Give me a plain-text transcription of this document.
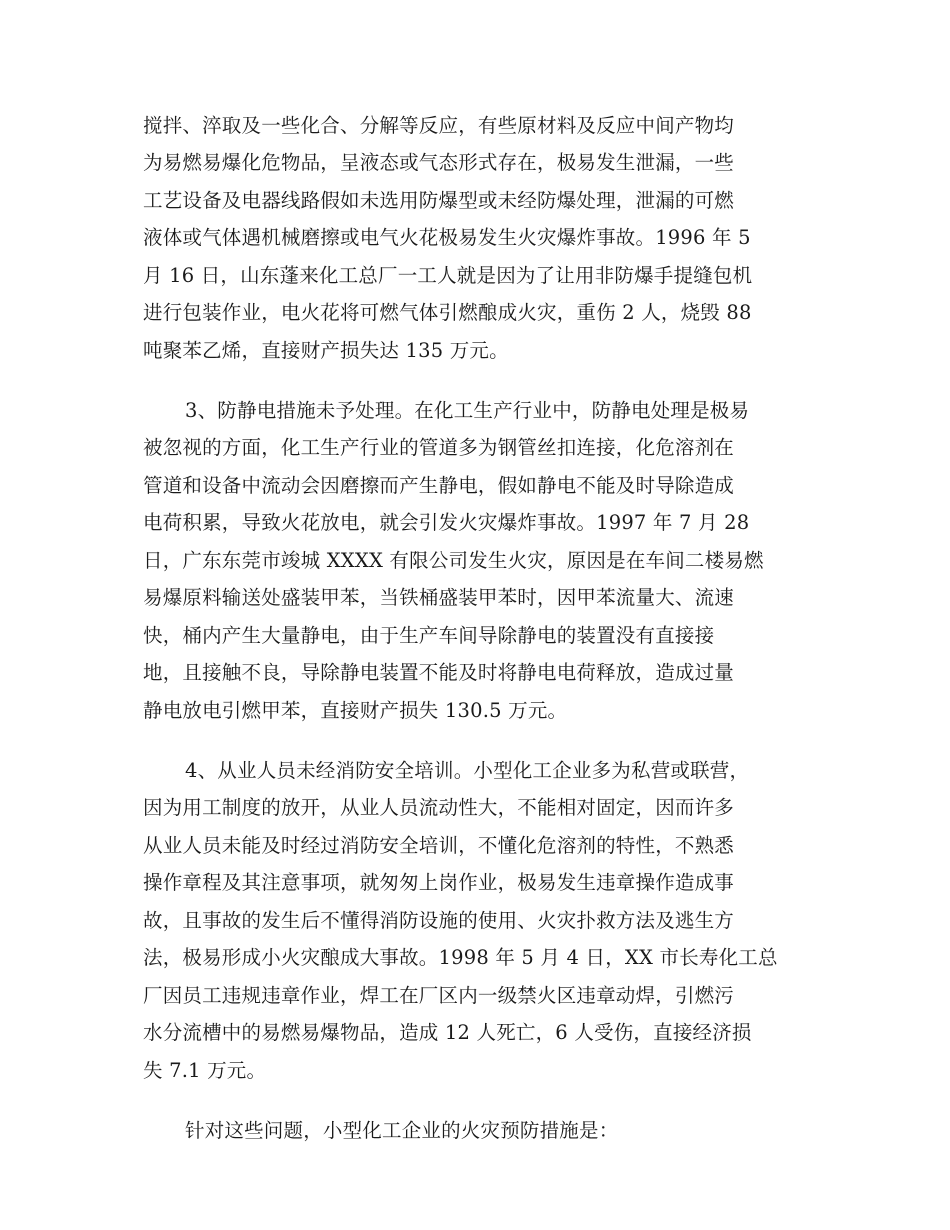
搅拌、淬取及一些化合、分解等反应，有些原材料及反应中间产物均
为易燃易爆化危物品，呈液态或气态形式存在，极易发生泄漏，一些
工艺设备及电器线路假如未选用防爆型或未经防爆处理，泄漏的可燃
液体或气体遇机械磨擦或电气火花极易发生火灾爆炸事故。1996 年 5
月 16 日，山东蓬来化工总厂一工人就是因为了让用非防爆手提缝包机
进行包装作业，电火花将可燃气体引燃酿成火灾，重伤 2 人，烧毁 88
吨聚苯乙烯，直接财产损失达 135 万元。
3、防静电措施未予处理。在化工生产行业中，防静电处理是极易
被忽视的方面，化工生产行业的管道多为钢管丝扣连接，化危溶剂在
管道和设备中流动会因磨擦而产生静电，假如静电不能及时导除造成
电荷积累，导致火花放电，就会引发火灾爆炸事故。1997 年 7 月 28
日，广东东莞市竣城 XXXX 有限公司发生火灾，原因是在车间二楼易燃
易爆原料输送处盛装甲苯，当铁桶盛装甲苯时，因甲苯流量大、流速
快，桶内产生大量静电，由于生产车间导除静电的装置没有直接接
地，且接触不良，导除静电装置不能及时将静电电荷释放，造成过量
静电放电引燃甲苯，直接财产损失 130.5 万元。
4、从业人员未经消防安全培训。小型化工企业多为私营或联营，
因为用工制度的放开，从业人员流动性大，不能相对固定，因而许多
从业人员未能及时经过消防安全培训，不懂化危溶剂的特性，不熟悉
操作章程及其注意事项，就匆匆上岗作业，极易发生违章操作造成事
故，且事故的发生后不懂得消防设施的使用、火灾扑救方法及逃生方
法，极易形成小火灾酿成大事故。1998 年 5 月 4 日，XX 市长寿化工总
厂因员工违规违章作业，焊工在厂区内一级禁火区违章动焊，引燃污
水分流槽中的易燃易爆物品，造成 12 人死亡，6 人受伤，直接经济损
失 7.1 万元。
针对这些问题，小型化工企业的火灾预防措施是：
